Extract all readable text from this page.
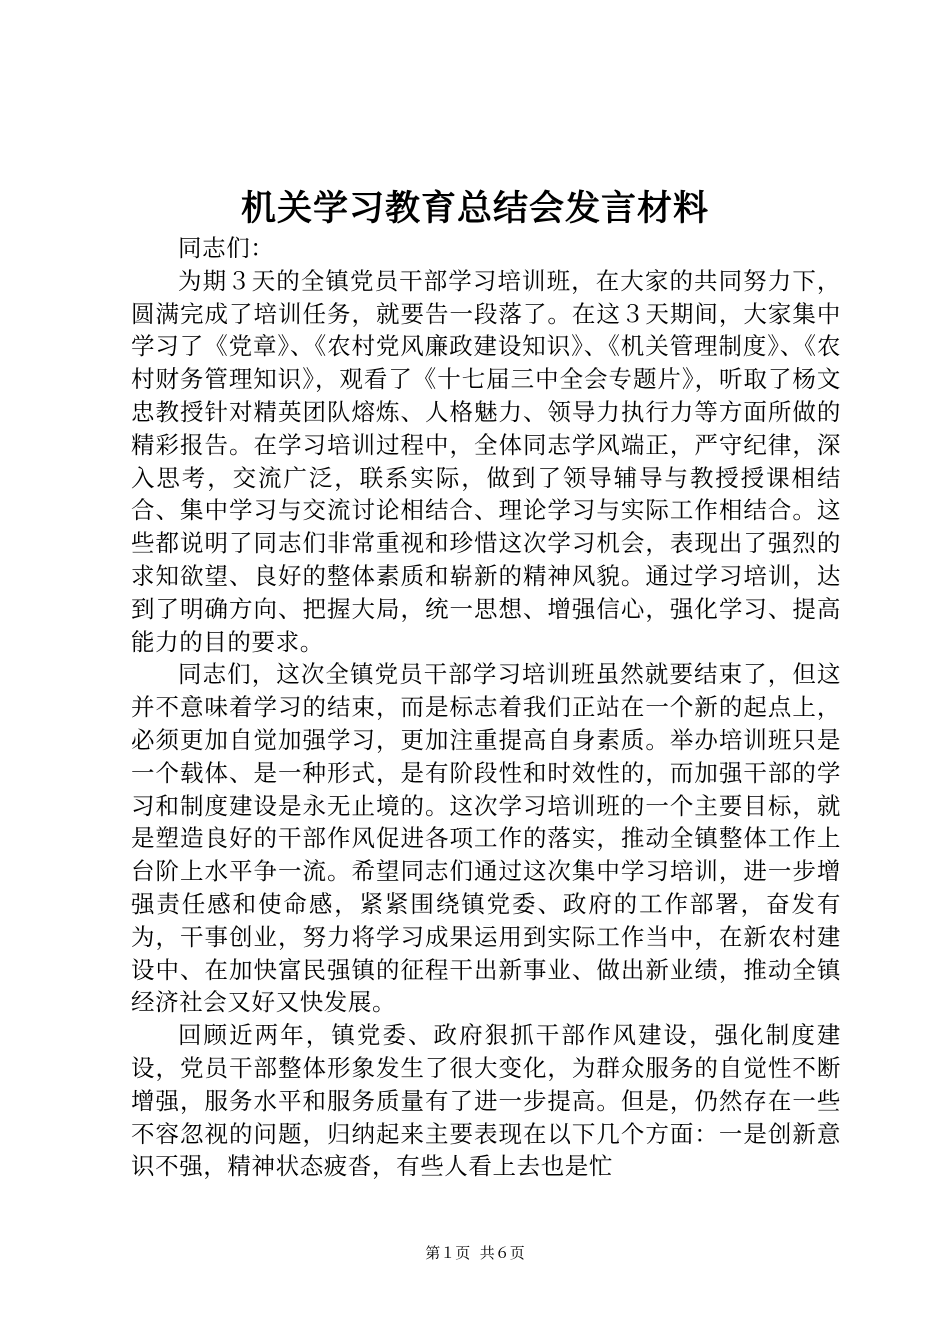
机关学习教育总结会发言材料

同志们：

为期３天的全镇党员干部学习培训班，在大家的共同努力下，圆满完成了培训任务，就要告一段落了。在这３天期间，大家集中学习了《党章》、《农村党风廉政建设知识》、《机关管理制度》、《农村财务管理知识》，观看了《十七届三中全会专题片》，听取了杨文忠教授针对精英团队熔炼、人格魅力、领导力执行力等方面所做的精彩报告。在学习培训过程中，全体同志学风端正，严守纪律，深入思考，交流广泛，联系实际，做到了领导辅导与教授授课相结合、集中学习与交流讨论相结合、理论学习与实际工作相结合。这些都说明了同志们非常重视和珍惜这次学习机会，表现出了强烈的求知欲望、良好的整体素质和崭新的精神风貌。通过学习培训，达到了明确方向、把握大局，统一思想、增强信心，强化学习、提高能力的目的要求。

同志们，这次全镇党员干部学习培训班虽然就要结束了，但这并不意味着学习的结束，而是标志着我们正站在一个新的起点上，必须更加自觉加强学习，更加注重提高自身素质。举办培训班只是一个载体、是一种形式，是有阶段性和时效性的，而加强干部的学习和制度建设是永无止境的。这次学习培训班的一个主要目标，就是塑造良好的干部作风促进各项工作的落实，推动全镇整体工作上台阶上水平争一流。希望同志们通过这次集中学习培训，进一步增强责任感和使命感，紧紧围绕镇党委、政府的工作部署，奋发有为，干事创业，努力将学习成果运用到实际工作当中，在新农村建设中、在加快富民强镇的征程干出新事业、做出新业绩，推动全镇经济社会又好又快发展。

回顾近两年，镇党委、政府狠抓干部作风建设，强化制度建设，党员干部整体形象发生了很大变化，为群众服务的自觉性不断增强，服务水平和服务质量有了进一步提高。但是，仍然存在一些不容忽视的问题，归纳起来主要表现在以下几个方面：一是创新意识不强，精神状态疲沓，有些人看上去也是忙

第１页 共６页
